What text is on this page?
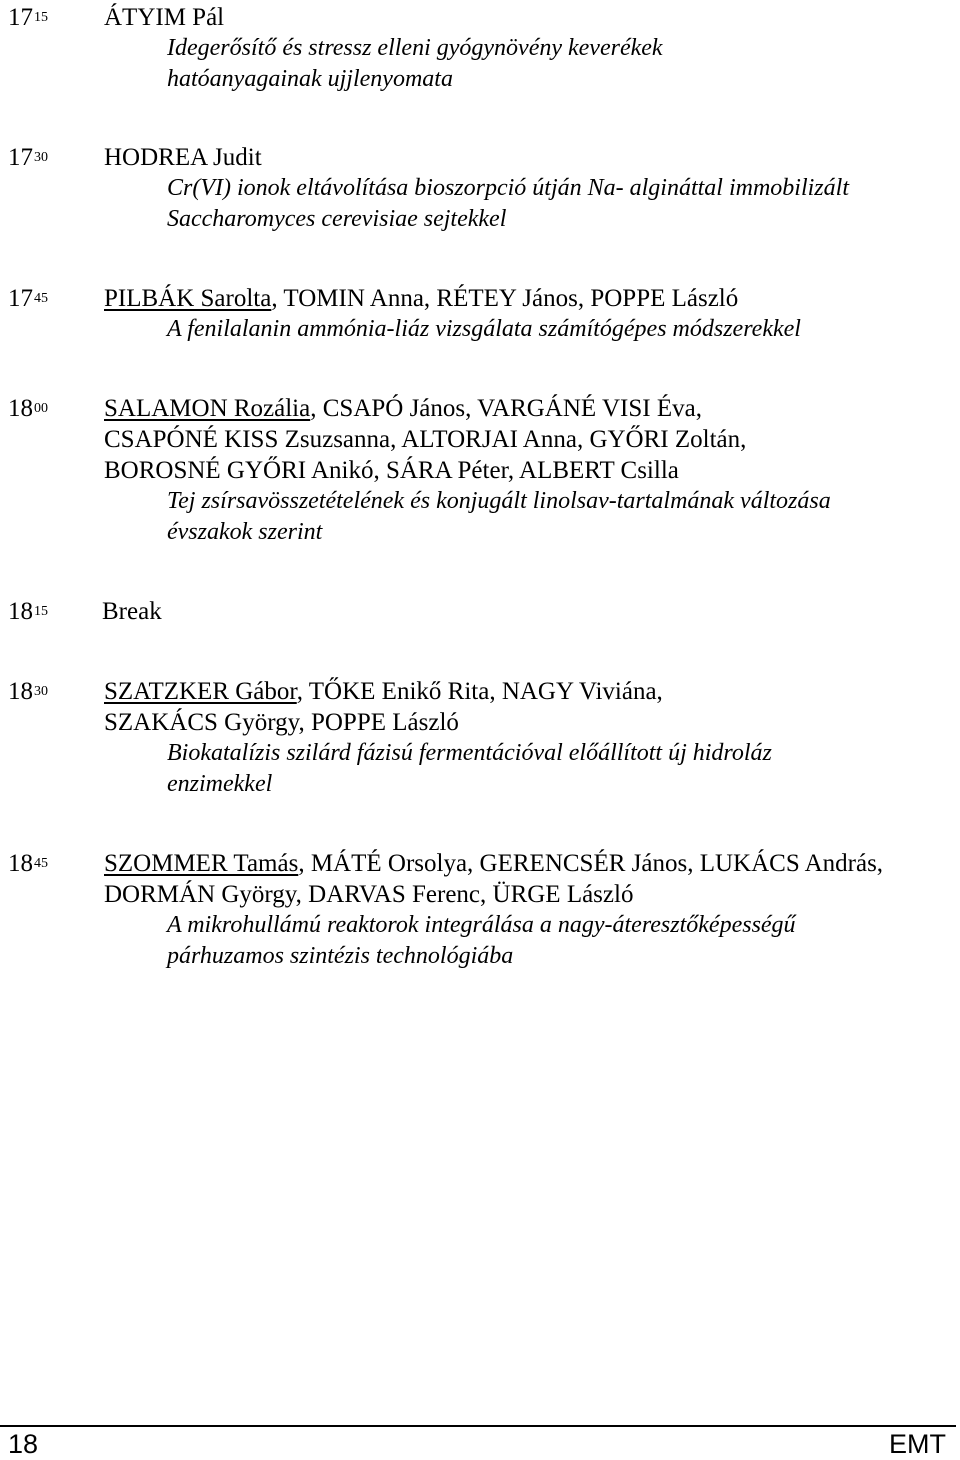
$17^{15}$ ÁTYIM Pál
Idegerősítő és stressz elleni gyógynövény keverékek
hatóanyagainak ujjlenyomata
$17^{30}$ HODREA Judit
Cr(VI) ionok eltávolítása bioszorpció útján Na- algináttal immobilizált
Saccharomyces cerevisiae sejtekkel
$17^{45}$ PILBÁK Sarolta, TOMIN Anna, RÉTEY János, POPPE László
A fenilalanin ammónia-liáz vizsgálata számítógépes módszerekkel
$18^{00}$ SALAMON Rozália, CSAPÓ János, VARGÁNÉ VISI Éva,
CSAPÓNÉ KISS Zsuzsanna, ALTORJAI Anna, GYŐRI Zoltán,
BOROSNÉ GYŐRI Anikó, SÁRA Péter, ALBERT Csilla
Tej zsírsavösszetételének és konjugált linolsav-tartalmának változása
évszakok szerint
$18^{15}$ Break
$18^{30}$ SZATZKER Gábor, TŐKE Enikő Rita, NAGY Viviána,
SZAKÁCS György, POPPE László
Biokatalízis szilárd fázisú fermentációval előállított új hidroláz
enzimekkel
$18^{45}$ SZOMMER Tamás, MÁTÉ Orsolya, GERENCSÉR János, LUKÁCS András,
DORMÁN György, DARVAS Ferenc, ÜRGE László
A mikrohullámú reaktorok integrálása a nagy-áteresztőképességű
párhuzamos szintézis technológiába
18	EMT
